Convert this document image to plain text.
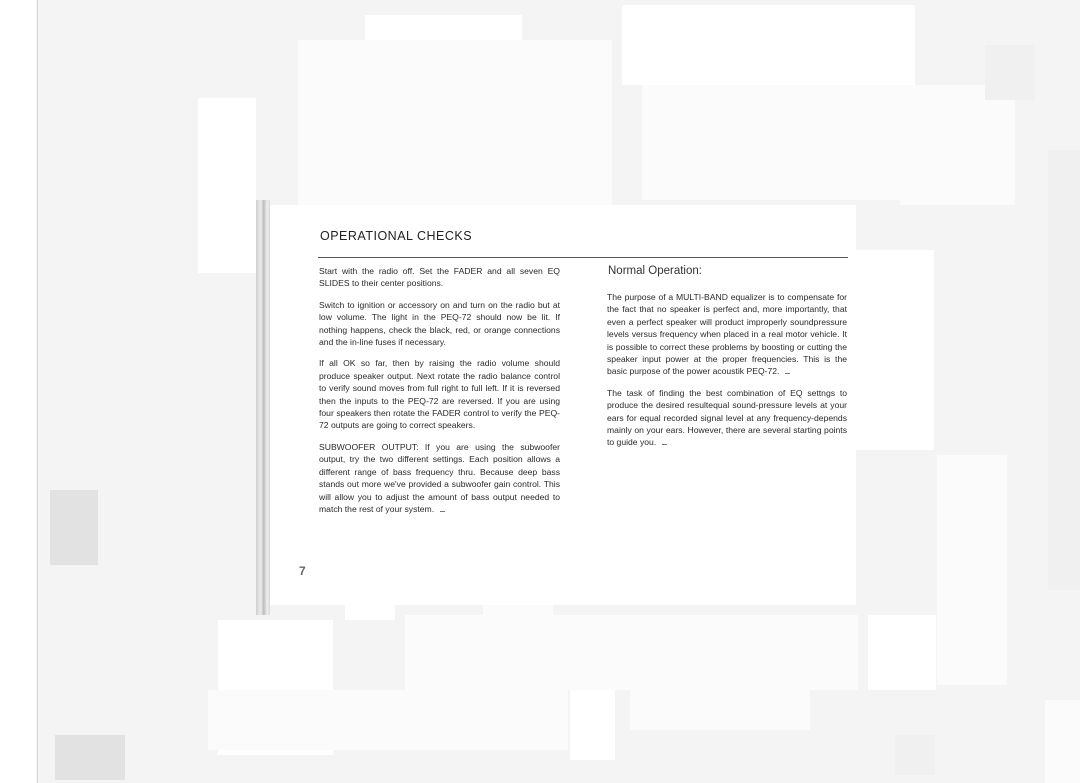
OPERATIONAL CHECKS

Start with the radio off. Set the FADER and all seven EQ SLIDES to their center positions.

Switch to ignition or accessory on and turn on the radio but at low volume. The light in the PEQ-72 should now be lit. If nothing happens, check the black, red, or orange connections and the in-line fuses if necessary.

If all OK so far, then by raising the radio volume should produce speaker output. Next rotate the radio balance control to verify sound moves from full right to full left. If it is reversed then the inputs to the PEQ-72 are reversed. If you are using four speakers then rotate the FADER control to verify the PEQ-72 outputs are going to correct speakers.

SUBWOOFER OUTPUT: If you are using the subwoofer output, try the two different settings. Each position allows a different range of bass frequency thru. Because deep bass stands out more we've provided a subwoofer gain control. This will allow you to adjust the amount of bass output needed to match the rest of your system.

Normal Operation:

The purpose of a MULTI-BAND equalizer is to compensate for the fact that no speaker is perfect and, more importantly, that even a perfect speaker will product improperly soundpressure levels versus frequency when placed in a real motor vehicle. It is possible to correct these problems by boosting or cutting the speaker input power at the proper frequencies. This is the basic purpose of the power acoustik PEQ-72.

The task of finding the best combination of EQ settngs to produce the desired resultequal sound-pressure levels at your ears for equal recorded signal level at any frequency-depends mainly on your ears. However, there are several starting points to guide you.

7
